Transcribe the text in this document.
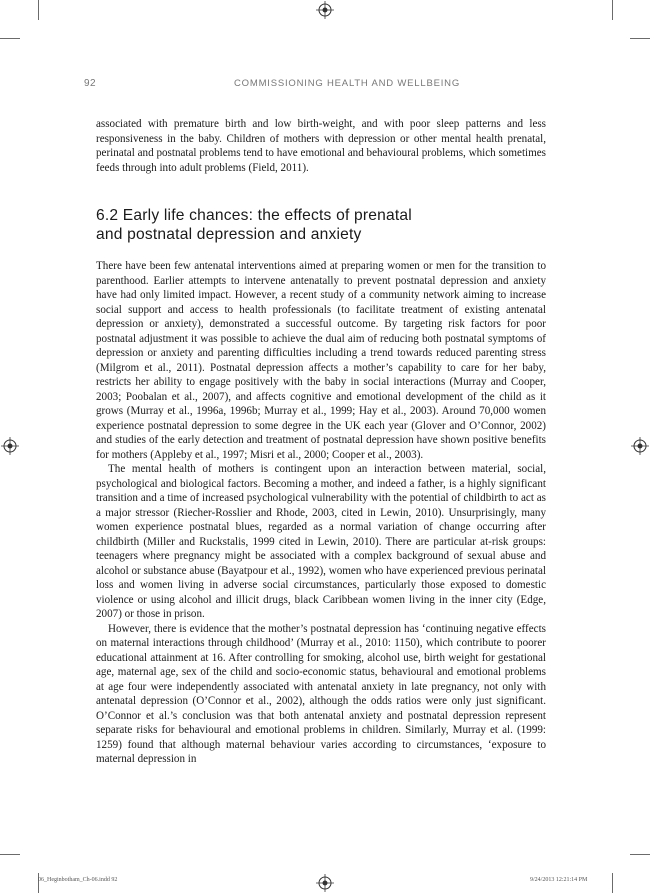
92	COMMISSIONING HEALTH AND WELLBEING

associated with premature birth and low birth-weight, and with poor sleep patterns and less responsiveness in the baby. Children of mothers with depression or other mental health prenatal, perinatal and postnatal problems tend to have emotional and behavioural problems, which sometimes feeds through into adult problems (Field, 2011).

6.2 Early life chances: the effects of prenatal
and postnatal depression and anxiety

There have been few antenatal interventions aimed at preparing women or men for the transition to parenthood. Earlier attempts to intervene antenatally to prevent postnatal depression and anxiety have had only limited impact. However, a recent study of a community network aiming to increase social support and access to health professionals (to facilitate treatment of existing antenatal depression or anxiety), demonstrated a successful outcome. By targeting risk factors for poor postnatal adjustment it was possible to achieve the dual aim of reducing both postnatal symptoms of depression or anxiety and parenting difficulties including a trend towards reduced parenting stress (Milgrom et al., 2011). Postnatal depression affects a mother’s capability to care for her baby, restricts her ability to engage positively with the baby in social interactions (Murray and Cooper, 2003; Poobalan et al., 2007), and affects cognitive and emotional development of the child as it grows (Murray et al., 1996a, 1996b; Murray et al., 1999; Hay et al., 2003). Around 70,000 women experience postnatal depression to some degree in the UK each year (Glover and O’Connor, 2002) and studies of the early detection and treatment of postnatal depression have shown positive benefits for mothers (Appleby et al., 1997; Misri et al., 2000; Cooper et al., 2003).

The mental health of mothers is contingent upon an interaction between material, social, psychological and biological factors. Becoming a mother, and indeed a father, is a highly significant transition and a time of increased psychological vulnerability with the potential of childbirth to act as a major stressor (Riecher-Rosslier and Rhode, 2003, cited in Lewin, 2010). Unsurprisingly, many women experience postnatal blues, regarded as a normal variation of change occurring after childbirth (Miller and Ruckstalis, 1999 cited in Lewin, 2010). There are particular at-risk groups: teenagers where pregnancy might be associated with a complex background of sexual abuse and alcohol or substance abuse (Bayatpour et al., 1992), women who have experienced previous perinatal loss and women living in adverse social circumstances, particularly those exposed to domestic violence or using alcohol and illicit drugs, black Caribbean women living in the inner city (Edge, 2007) or those in prison.

However, there is evidence that the mother’s postnatal depression has ‘continuing negative effects on maternal interactions through childhood’ (Murray et al., 2010: 1150), which contribute to poorer educational attainment at 16. After controlling for smoking, alcohol use, birth weight for gestational age, maternal age, sex of the child and socio-economic status, behavioural and emotional problems at age four were independently associated with antenatal anxiety in late pregnancy, not only with antenatal depression (O’Connor et al., 2002), although the odds ratios were only just significant. O’Connor et al.’s conclusion was that both antenatal anxiety and postnatal depression represent separate risks for behavioural and emotional problems in children. Similarly, Murray et al. (1999: 1259) found that although maternal behaviour varies according to circumstances, ‘exposure to maternal depression in

06_Heginbotham_Ch-06.indd 92	9/24/2013 12:21:14 PM
